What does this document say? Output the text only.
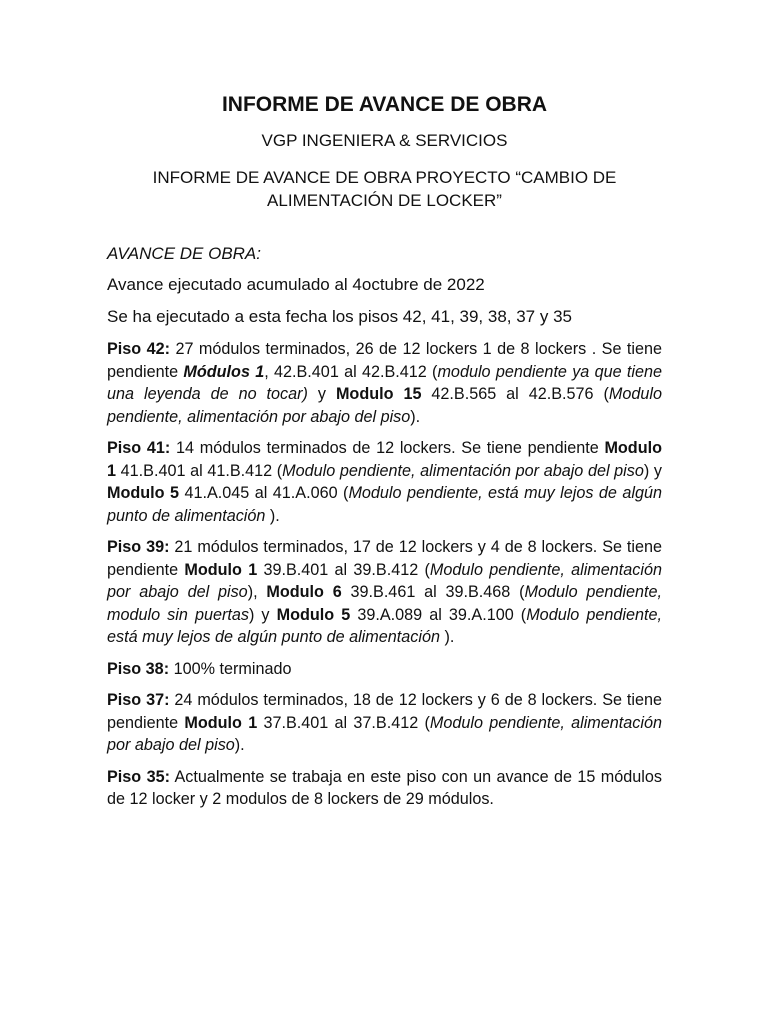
INFORME DE AVANCE DE OBRA
VGP INGENIERA & SERVICIOS
INFORME DE AVANCE DE OBRA PROYECTO “CAMBIO DE ALIMENTACIÓN DE LOCKER”
AVANCE DE OBRA:
Avance ejecutado acumulado al 4octubre de 2022
Se ha ejecutado a esta fecha los pisos 42, 41, 39, 38, 37 y 35
Piso 42: 27 módulos terminados, 26 de 12 lockers 1 de 8 lockers . Se tiene pendiente Módulos 1, 42.B.401 al 42.B.412 (modulo pendiente ya que tiene una leyenda de no tocar) y Modulo 15 42.B.565 al 42.B.576 (Modulo pendiente, alimentación por abajo del piso).
Piso 41: 14 módulos terminados de 12 lockers. Se tiene pendiente Modulo 1 41.B.401 al 41.B.412 (Modulo pendiente, alimentación por abajo del piso) y Modulo 5 41.A.045 al 41.A.060 (Modulo pendiente, está muy lejos de algún punto de alimentación ).
Piso 39: 21 módulos terminados, 17 de 12 lockers y 4 de 8 lockers. Se tiene pendiente Modulo 1 39.B.401 al 39.B.412 (Modulo pendiente, alimentación por abajo del piso), Modulo 6 39.B.461 al 39.B.468 (Modulo pendiente, modulo sin puertas) y Modulo 5 39.A.089 al 39.A.100 (Modulo pendiente, está muy lejos de algún punto de alimentación ).
Piso 38: 100% terminado
Piso 37: 24 módulos terminados, 18 de 12 lockers y 6 de 8 lockers. Se tiene pendiente Modulo 1 37.B.401 al 37.B.412 (Modulo pendiente, alimentación por abajo del piso).
Piso 35: Actualmente se trabaja en este piso con un avance de 15 módulos de 12 locker y 2 modulos de 8 lockers de 29 módulos.
